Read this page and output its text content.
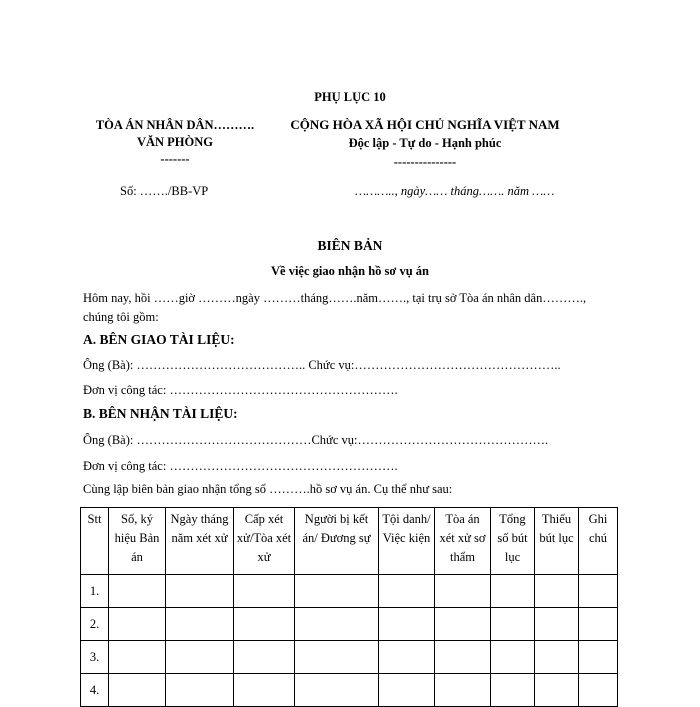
PHỤ LỤC 10
TÒA ÁN NHÂN DÂN……….
VĂN PHÒNG
-------
CỘNG HÒA XÃ HỘI CHỦ NGHĨA VIỆT NAM
Độc lập - Tự do - Hạnh phúc
---------------
Số: ……./BB-VP	……….., ngày…… tháng……. năm ……
BIÊN BẢN
Về việc giao nhận hồ sơ vụ án
Hôm nay, hồi ……giờ ………ngày ………tháng…….năm……., tại trụ sở Tòa án nhân dân………., chúng tôi gồm:
A. BÊN GIAO TÀI LIỆU:
Ông (Bà): ………………………………….. Chức vụ:…………………………………………..
Đơn vị công tác: ……………………………………………….
B. BÊN NHẬN TÀI LIỆU:
Ông (Bà): ……………………………………Chức vụ:……………………………………….
Đơn vị công tác: ……………………………………………….
Cùng lập biên bản giao nhận tổng số ……….hồ sơ vụ án. Cụ thể như sau:
Stt	Số, ký hiệu Bản án	Ngày tháng năm xét xử	Cấp xét xử/Tòa xét xử	Người bị kết án/ Đương sự	Tội danh/ Việc kiện	Tòa án xét xử sơ thẩm	Tổng số bút lục	Thiếu bút lục	Ghi chú
1.									
2.									
3.									
4.									
